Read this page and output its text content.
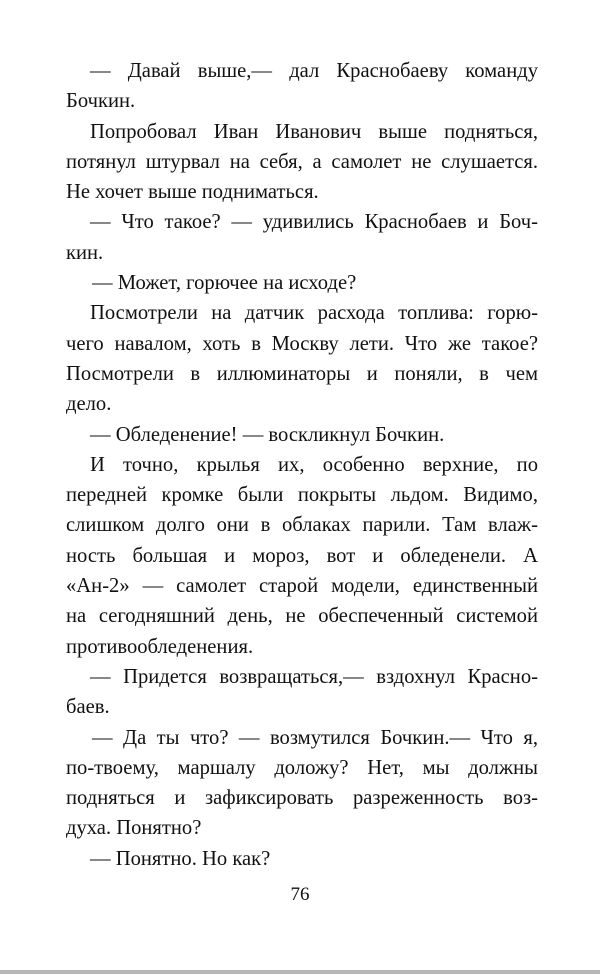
— Давай выше,— дал Краснобаеву команду
Бочкин.
Попробовал Иван Иванович выше подняться,
потянул штурвал на себя, а самолет не слушается.
Не хочет выше подниматься.
— Что такое? — удивились Краснобаев и Боч-
кин.
— Может, горючее на исходе?
Посмотрели на датчик расхода топлива: горю-
чего навалом, хоть в Москву лети. Что же такое?
Посмотрели в иллюминаторы и поняли, в чем
дело.
— Обледенение! — воскликнул Бочкин.
И точно, крылья их, особенно верхние, по
передней кромке были покрыты льдом. Видимо,
слишком долго они в облаках парили. Там влаж-
ность большая и мороз, вот и обледенели. А
«Ан-2» — самолет старой модели, единственный
на сегодняшний день, не обеспеченный системой
противообледенения.
— Придется возвращаться,— вздохнул Красно-
баев.
— Да ты что? — возмутился Бочкин.— Что я,
по-твоему, маршалу доложу? Нет, мы должны
подняться и зафиксировать разреженность воз-
духа. Понятно?
— Понятно. Но как?
76
